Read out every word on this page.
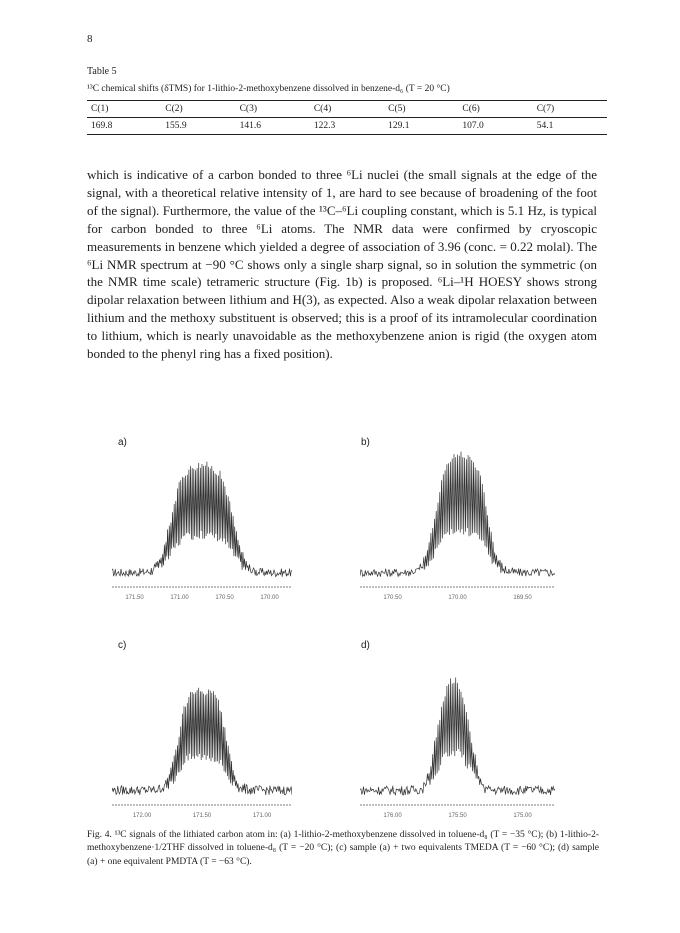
8
Table 5
¹³C chemical shifts (δTMS) for 1-lithio-2-methoxybenzene dissolved in benzene-d₆ (T = 20 °C)
C(1)	C(2)	C(3)	C(4)	C(5)	C(6)	C(7)
169.8	155.9	141.6	122.3	129.1	107.0	54.1
which is indicative of a carbon bonded to three ⁶Li nuclei (the small signals at the edge of the signal, with a theoretical relative intensity of 1, are hard to see because of broadening of the foot of the signal). Furthermore, the value of the ¹³C–⁶Li coupling constant, which is 5.1 Hz, is typical for carbon bonded to three ⁶Li atoms. The NMR data were confirmed by cryoscopic measurements in benzene which yielded a degree of association of 3.96 (conc. = 0.22 molal). The ⁶Li NMR spectrum at −90 °C shows only a single sharp signal, so in solution the symmetric (on the NMR time scale) tetrameric structure (Fig. 1b) is proposed. ⁶Li–¹H HOESY shows strong dipolar relaxation between lithium and H(3), as expected. Also a weak dipolar relaxation between lithium and the methoxy substituent is observed; this is a proof of its intramolecular coordination to lithium, which is nearly unavoidable as the methoxybenzene anion is rigid (the oxygen atom bonded to the phenyl ring has a fixed position).
a)	b)
c)	d)
171.50	171.00	170.50	170.00	170.50	170.00	169.50
172.00	171.50	171.00	176.00	175.50	175.00
Fig. 4. ¹³C signals of the lithiated carbon atom in: (a) 1-lithio-2-methoxybenzene dissolved in toluene-d₈ (T = −35 °C); (b) 1-lithio-2-methoxybenzene·1/2THF dissolved in toluene-d₈ (T = −20 °C); (c) sample (a) + two equivalents TMEDA (T = −60 °C); (d) sample (a) + one equivalent PMDTA (T = −63 °C).
